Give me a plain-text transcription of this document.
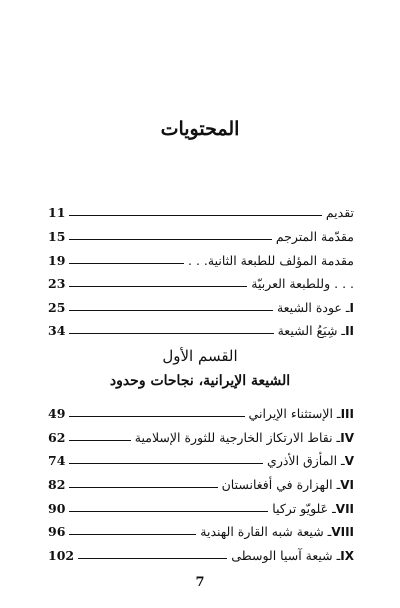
المحتويات
تقديم
11
مقدّمة المترجم
15
مقدمة المؤلف للطبعة الثانية. . .
19
. . . وللطبعة العربيّة
23
I
ـ عودة الشيعة
25
II
ـ شِيَعُ الشيعة
34
القسم الأول
الشيعة الإيرانية، نجاحات وحدود
III
ـ الإستثناء الإيراني
49
IV
ـ نقاط الارتكاز الخارجية للثورة الإسلامية
62
V
ـ المأزق الأذري
74
VI
ـ الهزارة في أفغانستان
82
VII
ـ عَلويّو تركيا
90
VIII
ـ شيعة شبه القارة الهندية
96
IX
ـ شيعة آسيا الوسطى
102
7
